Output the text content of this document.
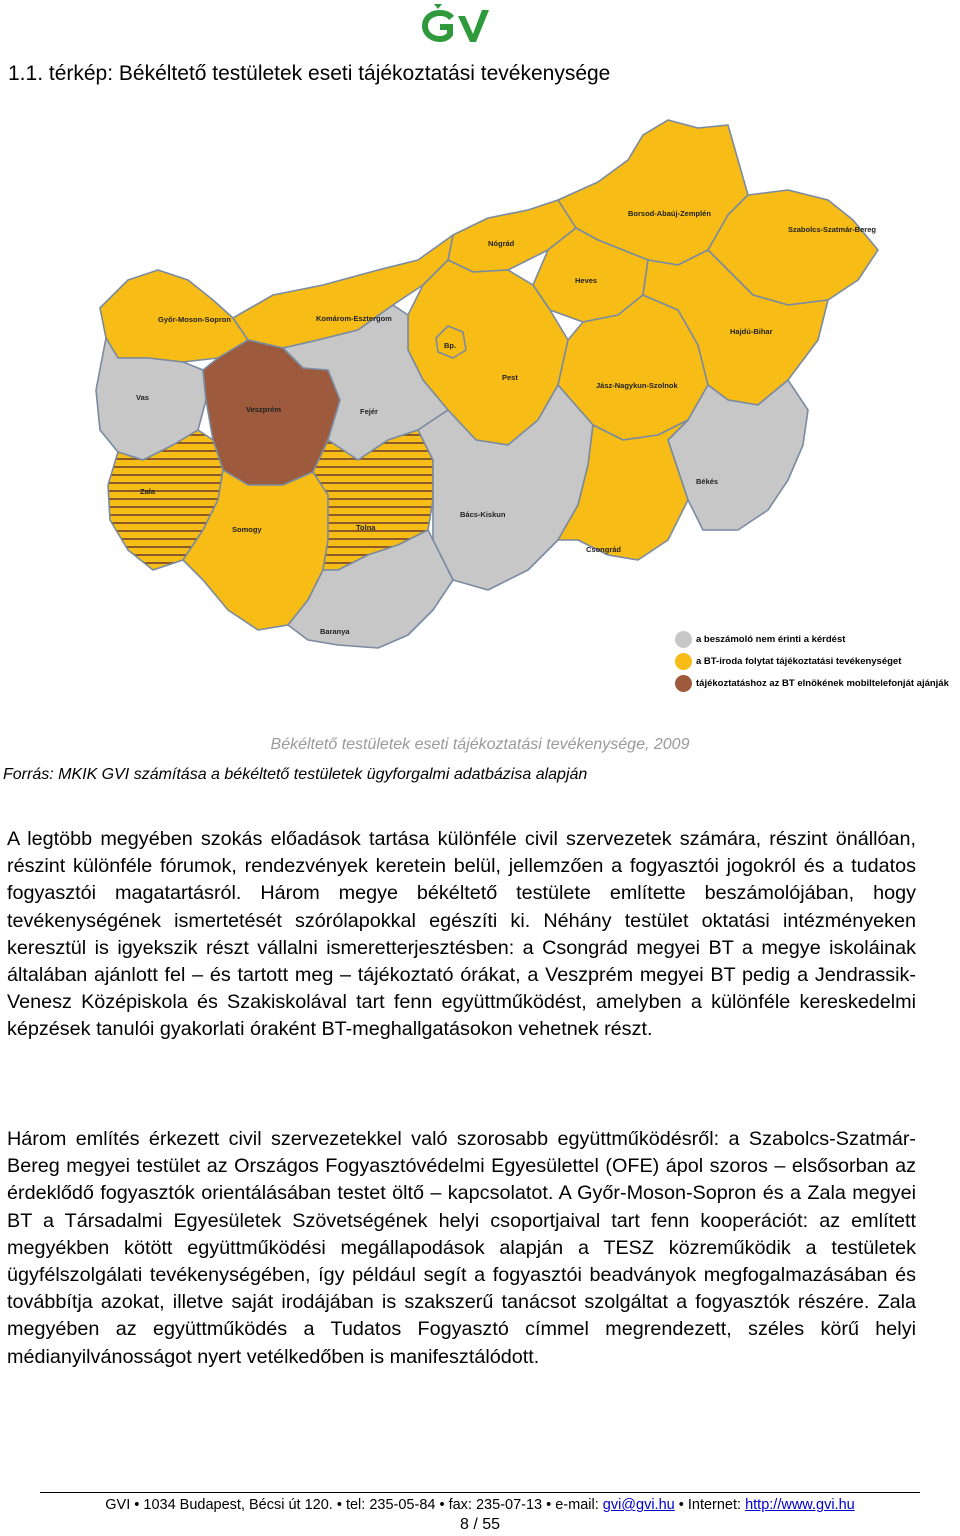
1.1. térkép: Békéltető testületek eseti tájékoztatási tevékenysége
Borsod-Abaúj-Zemplén
Szabolcs-Szatmár-Bereg
Nógrád
Heves
Győr-Moson-Sopron	Komárom-Esztergom
Hajdú-Bihar
Bp.
Pest
Jász-Nagykun-Szolnok
Vas
Veszprém	Fejér
Zala
Somogy	Tolna
Bács-Kiskun
Békés
Csongrád
Baranya
a beszámoló nem érinti a kérdést
a BT-iroda folytat tájékoztatási tevékenységet
tájékoztatáshoz az BT elnökének mobiltelefonját ajánják
Békéltető testületek eseti tájékoztatási tevékenysége, 2009
Forrás: MKIK GVI számítása a békéltető testületek ügyforgalmi adatbázisa alapján

A legtöbb megyében szokás előadások tartása különféle civil szervezetek számára, részint önállóan, részint különféle fórumok, rendezvények keretein belül, jellemzően a fogyasztói jogokról és a tudatos fogyasztói magatartásról. Három megye békéltető testülete említette beszámolójában, hogy tevékenységének ismertetését szórólapokkal egészíti ki. Néhány testület oktatási intézményeken keresztül is igyekszik részt vállalni ismeretterjesztésben: a Csongrád megyei BT a megye iskoláinak általában ajánlott fel – és tartott meg – tájékoztató órákat, a Veszprém megyei BT pedig a Jendrassik-Venesz Középiskola és Szakiskolával tart fenn együttműködést, amelyben a különféle kereskedelmi képzések tanulói gyakorlati óraként BT-meghallgatásokon vehetnek részt.

Három említés érkezett civil szervezetekkel való szorosabb együttműködésről: a Szabolcs-Szatmár-Bereg megyei testület az Országos Fogyasztóvédelmi Egyesülettel (OFE) ápol szoros – elsősorban az érdeklődő fogyasztók orientálásában testet öltő – kapcsolatot. A Győr-Moson-Sopron és a Zala megyei BT a Társadalmi Egyesületek Szövetségének helyi csoportjaival tart fenn kooperációt: az említett megyékben kötött együttműködési megállapodások alapján a TESZ közreműködik a testületek ügyfélszolgálati tevékenységében, így például segít a fogyasztói beadványok megfogalmazásában és továbbítja azokat, illetve saját irodájában is szakszerű tanácsot szolgáltat a fogyasztók részére. Zala megyében az együttműködés a Tudatos Fogyasztó címmel megrendezett, széles körű helyi médianyilvánosságot nyert vetélkedőben is manifesztálódott.

GVI • 1034 Budapest, Bécsi út 120. • tel: 235-05-84 • fax: 235-07-13 • e-mail: gvi@gvi.hu • Internet: http://www.gvi.hu
8 / 55
